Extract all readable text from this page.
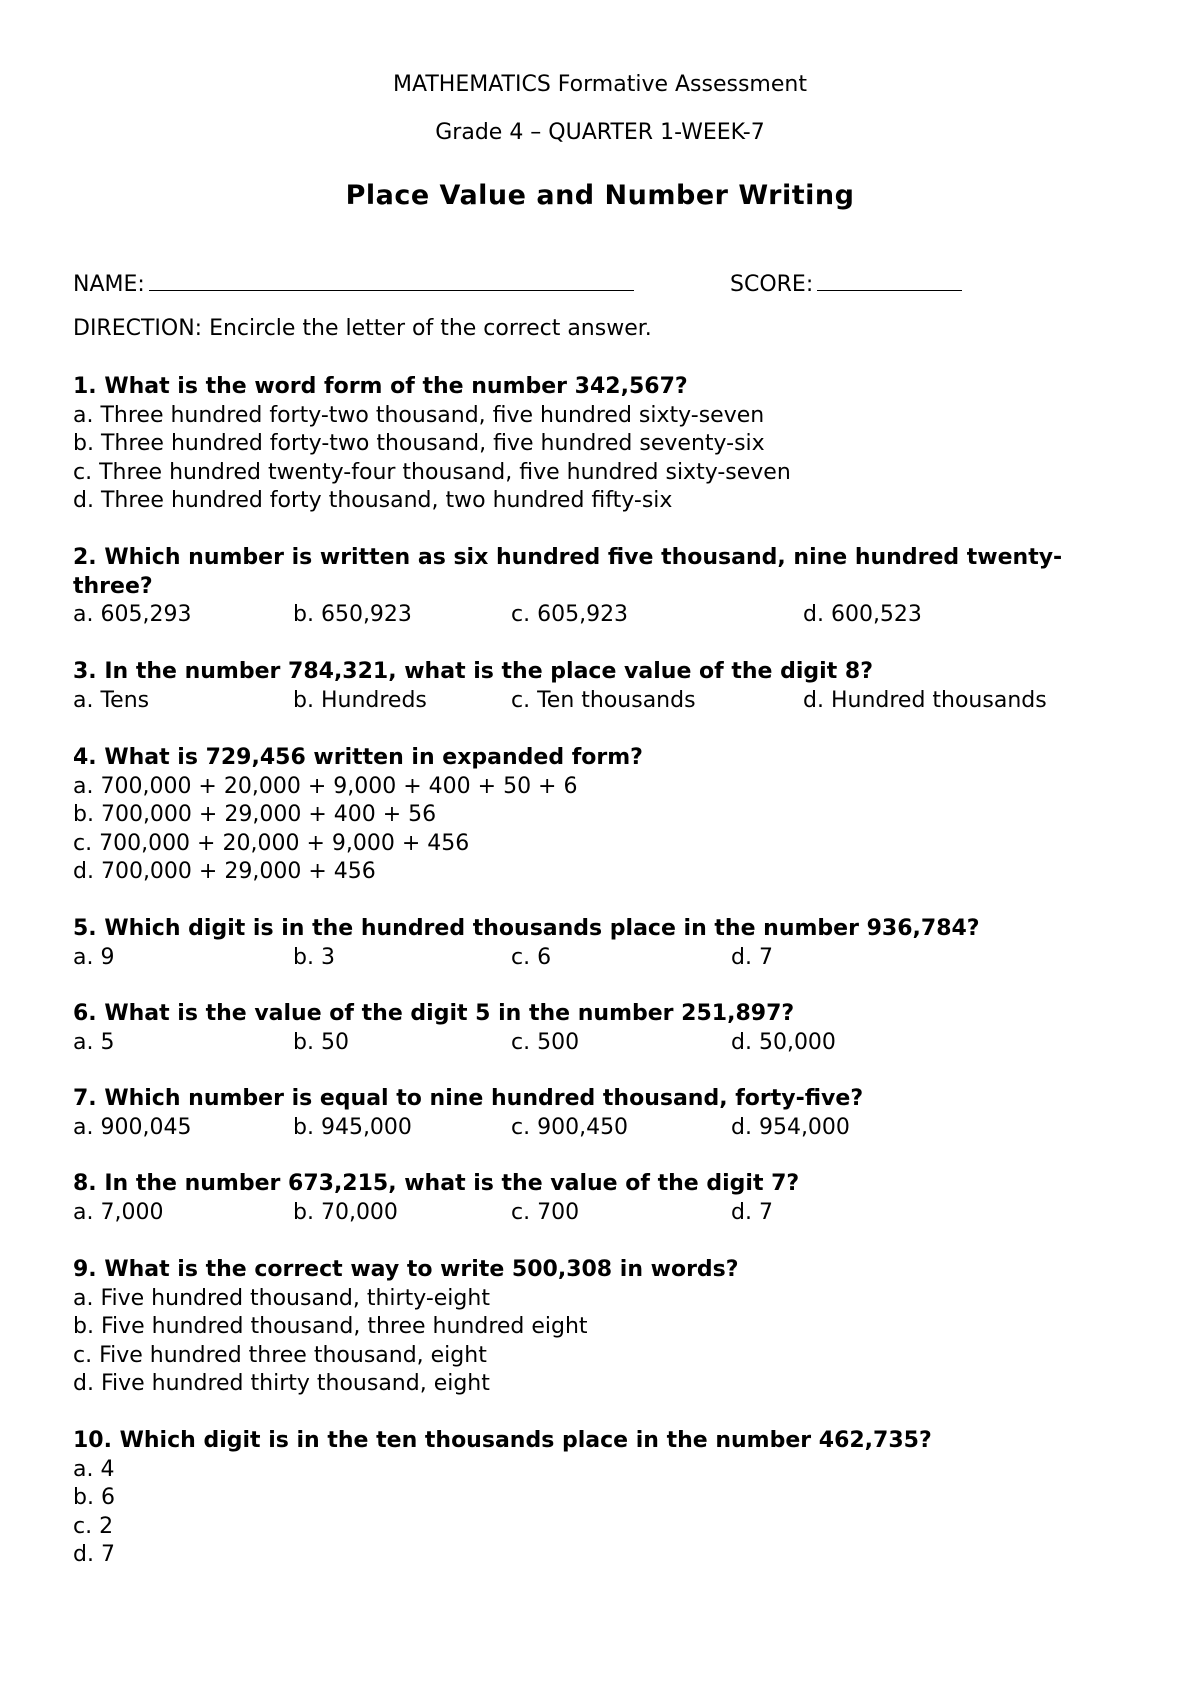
MATHEMATICS Formative Assessment
Grade 4 – QUARTER 1-WEEK-7
Place Value and Number Writing
NAME:	SCORE:
DIRECTION: Encircle the letter of the correct answer.
1. What is the word form of the number 342,567?
a. Three hundred forty-two thousand, five hundred sixty-seven
b. Three hundred forty-two thousand, five hundred seventy-six
c. Three hundred twenty-four thousand, five hundred sixty-seven
d. Three hundred forty thousand, two hundred fifty-six
2. Which number is written as six hundred five thousand, nine hundred twenty-three?
a. 605,293	b. 650,923	c. 605,923	d. 600,523
3. In the number 784,321, what is the place value of the digit 8?
a. Tens	b. Hundreds	c. Ten thousands	d. Hundred thousands
4. What is 729,456 written in expanded form?
a. 700,000 + 20,000 + 9,000 + 400 + 50 + 6
b. 700,000 + 29,000 + 400 + 56
c. 700,000 + 20,000 + 9,000 + 456
d. 700,000 + 29,000 + 456
5. Which digit is in the hundred thousands place in the number 936,784?
a. 9	b. 3	c. 6	d. 7
6. What is the value of the digit 5 in the number 251,897?
a. 5	b. 50	c. 500	d. 50,000
7. Which number is equal to nine hundred thousand, forty-five?
a. 900,045	b. 945,000	c. 900,450	d. 954,000
8. In the number 673,215, what is the value of the digit 7?
a. 7,000	b. 70,000	c. 700	d. 7
9. What is the correct way to write 500,308 in words?
a. Five hundred thousand, thirty-eight
b. Five hundred thousand, three hundred eight
c. Five hundred three thousand, eight
d. Five hundred thirty thousand, eight
10. Which digit is in the ten thousands place in the number 462,735?
a. 4
b. 6
c. 2
d. 7
